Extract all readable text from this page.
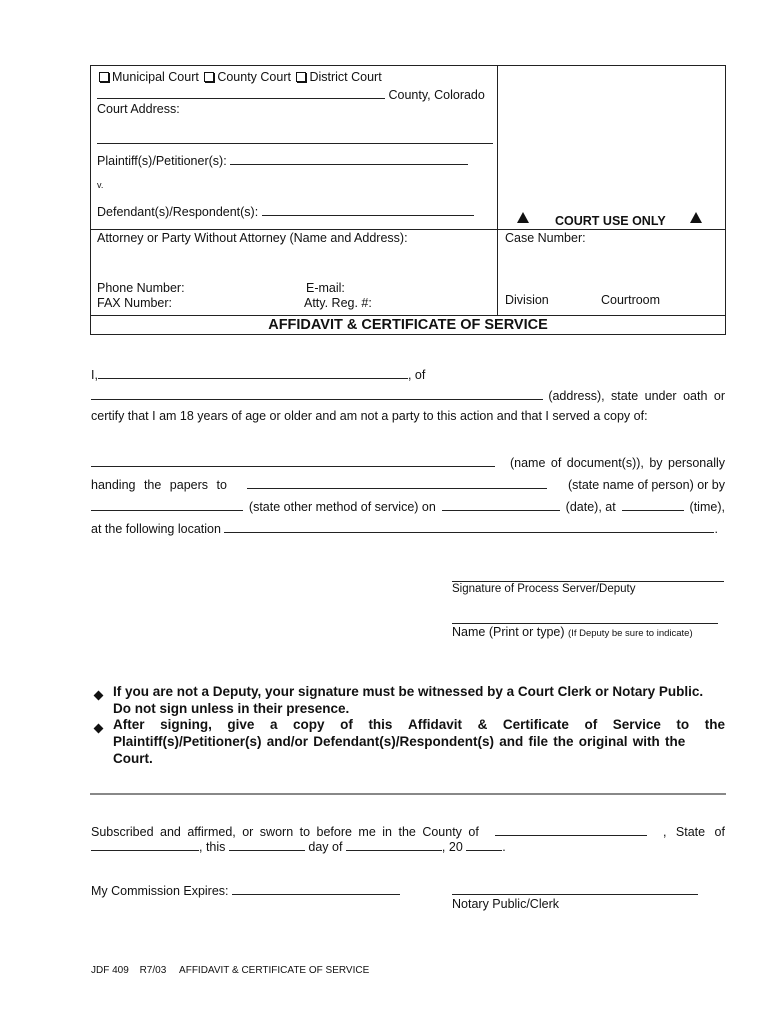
Municipal Court County Court District Court
County, Colorado
Court Address:
Plaintiff(s)/Petitioner(s):
v.
Defendant(s)/Respondent(s):
COURT USE ONLY
Attorney or Party Without Attorney (Name and Address):	Case Number:
Phone Number:	E-mail:
FAX Number:	Atty. Reg. #:	Division	Courtroom
AFFIDAVIT & CERTIFICATE OF SERVICE
I,	, of
(address), state under oath or
certify that I am 18 years of age or older and am not a party to this action and that I served a copy of:
(name of document(s)), by personally
handing the papers to	(state name of person) or by
(state other method of service) on	(date), at	(time),
at the following location	.
Signature of Process Server/Deputy
Name (Print or type) (If Deputy be sure to indicate)
If you are not a Deputy, your signature must be witnessed by a Court Clerk or Notary Public.
Do not sign unless in their presence.
After signing, give a copy of this Affidavit & Certificate of Service to the
Plaintiff(s)/Petitioner(s) and/or Defendant(s)/Respondent(s) and file the original with the
Court.
Subscribed and affirmed, or sworn to before me in the County of	, State of
, this	day of	, 20	.
My Commission Expires:
Notary Public/Clerk
JDF 409 R7/03 AFFIDAVIT & CERTIFICATE OF SERVICE
